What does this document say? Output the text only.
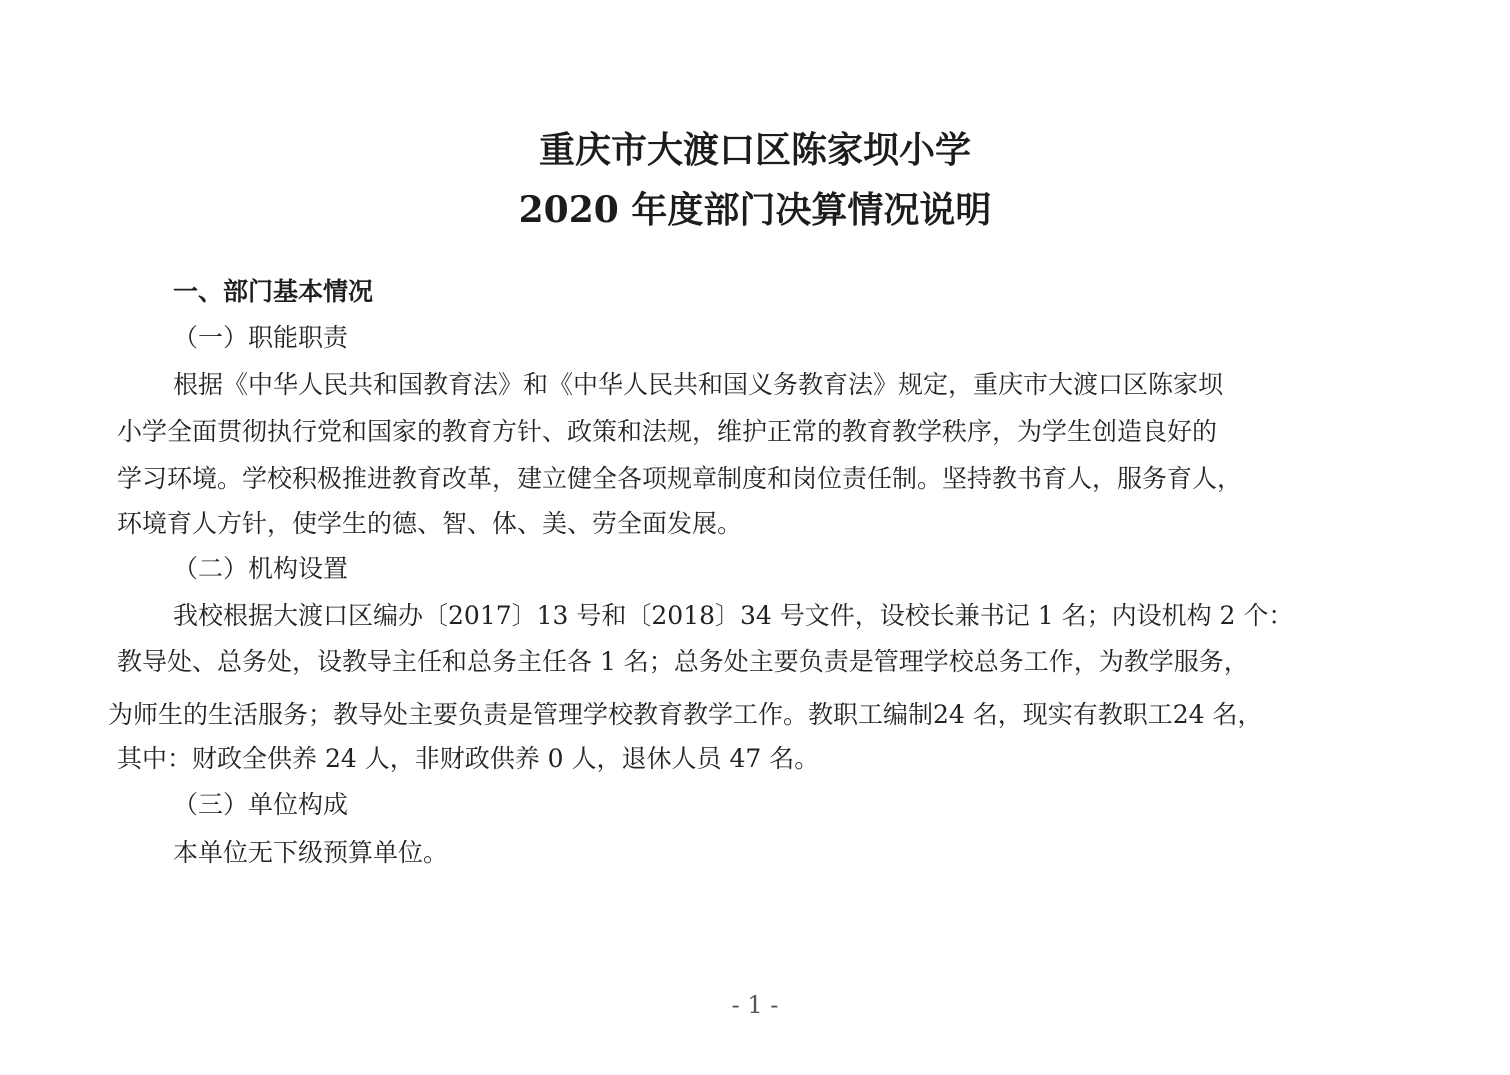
重庆市大渡口区陈家坝小学
2020 年度部门决算情况说明
一、部门基本情况
（一）职能职责
根据《中华人民共和国教育法》和《中华人民共和国义务教育法》规定，重庆市大渡口区陈家坝
小学全面贯彻执行党和国家的教育方针、政策和法规，维护正常的教育教学秩序，为学生创造良好的
学习环境。学校积极推进教育改革，建立健全各项规章制度和岗位责任制。坚持教书育人，服务育人，
环境育人方针，使学生的德、智、体、美、劳全面发展。
（二）机构设置
我校根据大渡口区编办〔2017〕13 号和〔2018〕34 号文件，设校长兼书记 1 名；内设机构 2 个：
教导处、总务处，设教导主任和总务主任各 1 名；总务处主要负责是管理学校总务工作，为教学服务，
为师生的生活服务；教导处主要负责是管理学校教育教学工作。教职工编制24 名，现实有教职工24 名，
其中：财政全供养 24 人，非财政供养 0 人，退休人员 47 名。
（三）单位构成
本单位无下级预算单位。
- 1 -
